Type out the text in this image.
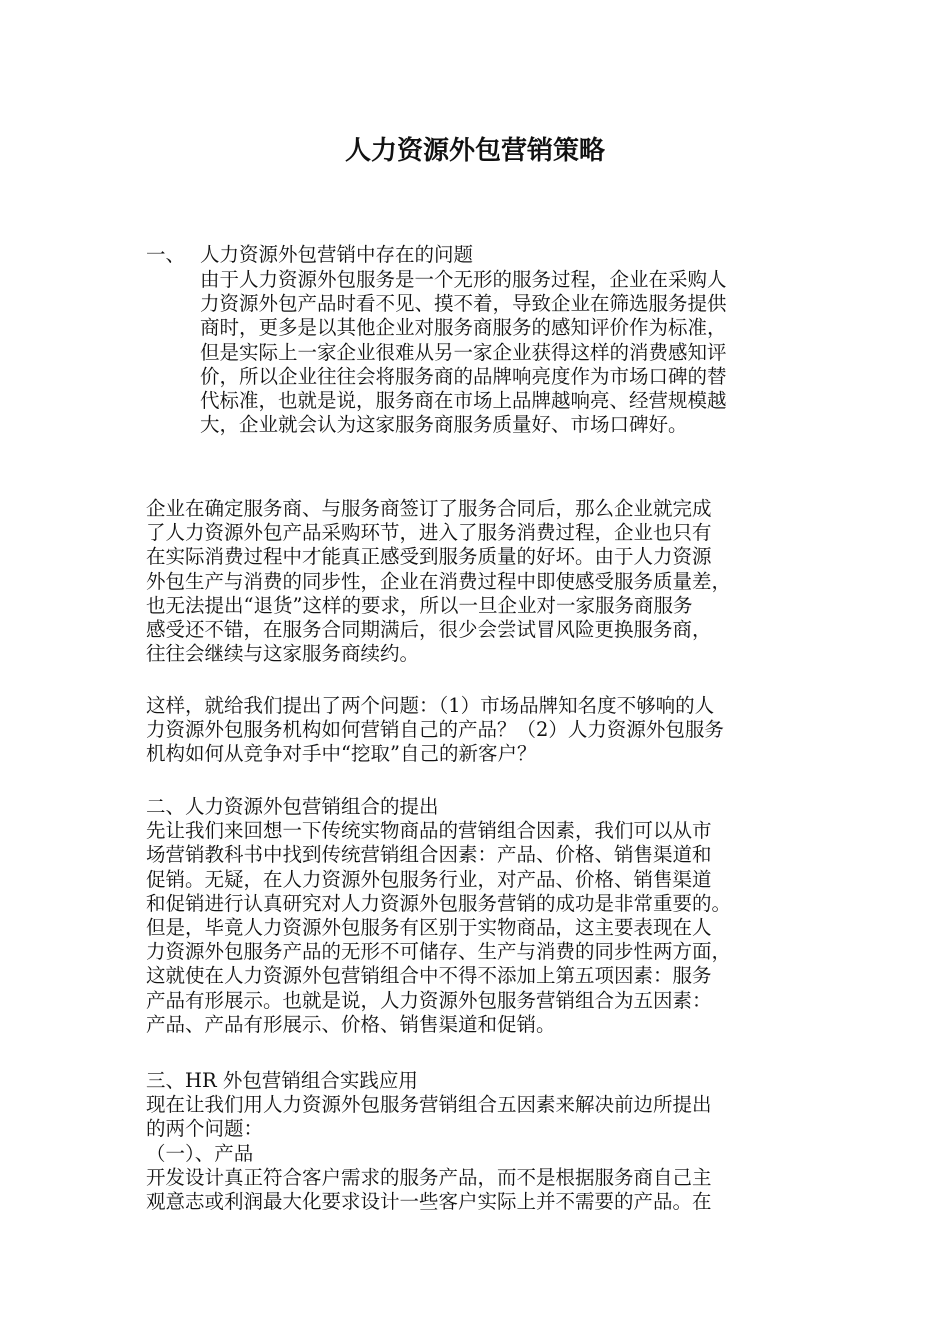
人力资源外包营销策略
一、 人力资源外包营销中存在的问题
由于人力资源外包服务是一个无形的服务过程，企业在采购人
力资源外包产品时看不见、摸不着，导致企业在筛选服务提供
商时，更多是以其他企业对服务商服务的感知评价作为标准，
但是实际上一家企业很难从另一家企业获得这样的消费感知评
价，所以企业往往会将服务商的品牌响亮度作为市场口碑的替
代标准，也就是说，服务商在市场上品牌越响亮、经营规模越
大，企业就会认为这家服务商服务质量好、市场口碑好。
企业在确定服务商、与服务商签订了服务合同后，那么企业就完成
了人力资源外包产品采购环节，进入了服务消费过程，企业也只有
在实际消费过程中才能真正感受到服务质量的好坏。由于人力资源
外包生产与消费的同步性，企业在消费过程中即使感受服务质量差，
也无法提出“退货”这样的要求，所以一旦企业对一家服务商服务
感受还不错，在服务合同期满后，很少会尝试冒风险更换服务商，
往往会继续与这家服务商续约。
这样，就给我们提出了两个问题：（1）市场品牌知名度不够响的人
力资源外包服务机构如何营销自己的产品？（2）人力资源外包服务
机构如何从竞争对手中“挖取”自己的新客户？
二、人力资源外包营销组合的提出
先让我们来回想一下传统实物商品的营销组合因素，我们可以从市
场营销教科书中找到传统营销组合因素：产品、价格、销售渠道和
促销。无疑，在人力资源外包服务行业，对产品、价格、销售渠道
和促销进行认真研究对人力资源外包服务营销的成功是非常重要的。
但是，毕竟人力资源外包服务有区别于实物商品，这主要表现在人
力资源外包服务产品的无形不可储存、生产与消费的同步性两方面，
这就使在人力资源外包营销组合中不得不添加上第五项因素：服务
产品有形展示。也就是说，人力资源外包服务营销组合为五因素：
产品、产品有形展示、价格、销售渠道和促销。
三、HR 外包营销组合实践应用
现在让我们用人力资源外包服务营销组合五因素来解决前边所提出
的两个问题：
（一）、产品
开发设计真正符合客户需求的服务产品，而不是根据服务商自己主
观意志或利润最大化要求设计一些客户实际上并不需要的产品。在
